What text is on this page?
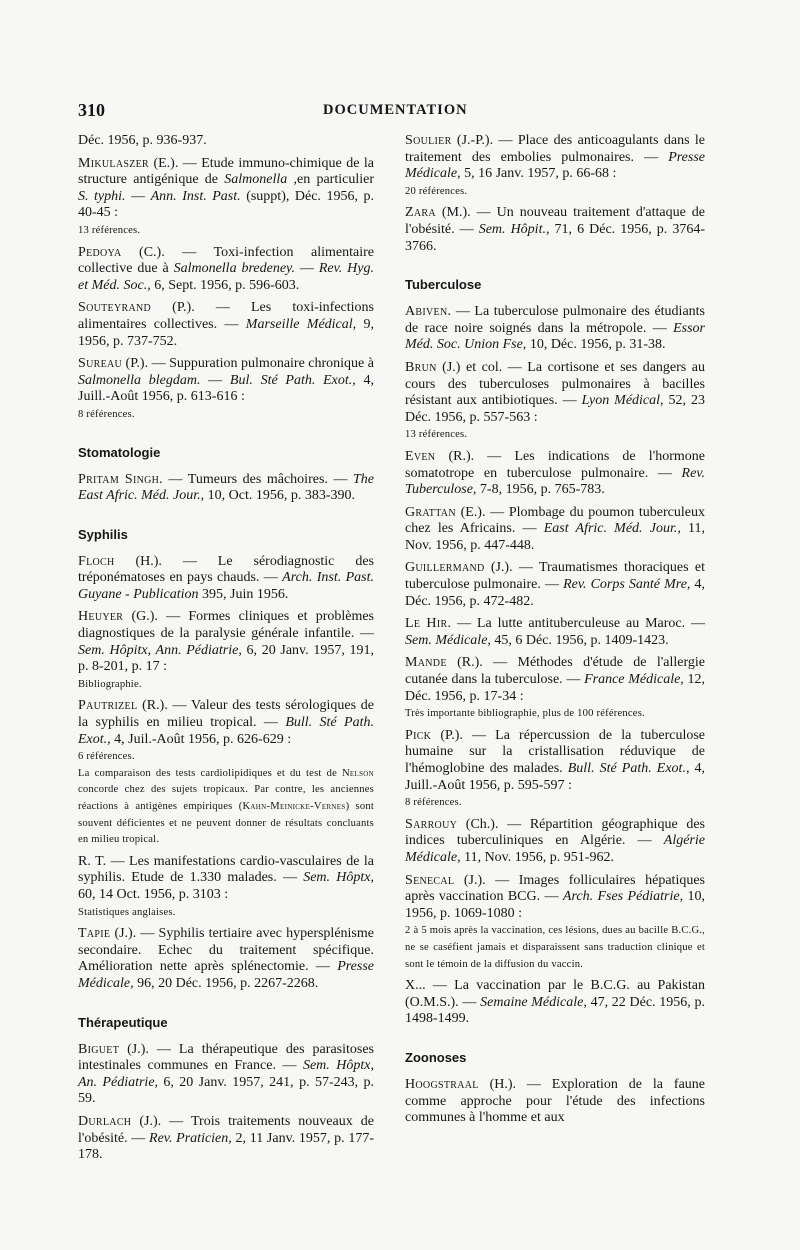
310	DOCUMENTATION

Déc. 1956, p. 936-937.

Mikulaszer (E.). — Etude immuno-chimique de la structure antigénique de Salmonella ,en particulier S. typhi. — Ann. Inst. Past. (suppt), Déc. 1956, p. 40-45 :
13 références.

Pedoya (C.). — Toxi-infection alimentaire collective due à Salmonella bredeney. — Rev. Hyg. et Méd. Soc., 6, Sept. 1956, p. 596-603.

Souteyrand (P.). — Les toxi-infections alimentaires collectives. — Marseille Médical, 9, 1956, p. 737-752.

Sureau (P.). — Suppuration pulmonaire chronique à Salmonella blegdam. — Bul. Sté Path. Exot., 4, Juill.-Août 1956, p. 613-616 :
8 références.

Stomatologie

Pritam Singh. — Tumeurs des mâchoires. — The East Afric. Méd. Jour., 10, Oct. 1956, p. 383-390.

Syphilis

Floch (H.). — Le sérodiagnostic des tréponématoses en pays chauds. — Arch. Inst. Past. Guyane - Publication 395, Juin 1956.

Heuyer (G.). — Formes cliniques et problèmes diagnostiques de la paralysie générale infantile. — Sem. Hôpitx, Ann. Pédiatrie, 6, 20 Janv. 1957, 191, p. 8-201, p. 17 :
Bibliographie.

Pautrizel (R.). — Valeur des tests sérologiques de la syphilis en milieu tropical. — Bull. Sté Path. Exot., 4, Juil.-Août 1956, p. 626-629 :
6 références.
La comparaison des tests cardiolipidiques et du test de Nelson concorde chez des sujets tropicaux. Par contre, les anciennes réactions à antigènes empiriques (Kahn-Meinicke-Vernes) sont souvent déficientes et ne peuvent donner de résultats concluants en milieu tropical.

R. T. — Les manifestations cardio-vasculaires de la syphilis. Etude de 1.330 malades. — Sem. Hôptx, 60, 14 Oct. 1956, p. 3103 :
Statistiques anglaises.

Tapie (J.). — Syphilis tertiaire avec hypersplénisme secondaire. Echec du traitement spécifique. Amélioration nette après splénectomie. — Presse Médicale, 96, 20 Déc. 1956, p. 2267-2268.

Thérapeutique

Biguet (J.). — La thérapeutique des parasitoses intestinales communes en France. — Sem. Hôptx, An. Pédiatrie, 6, 20 Janv. 1957, 241, p. 57-243, p. 59.

Durlach (J.). — Trois traitements nouveaux de l'obésité. — Rev. Praticien, 2, 11 Janv. 1957, p. 177-178.

Soulier (J.-P.). — Place des anticoagulants dans le traitement des embolies pulmonaires. — Presse Médicale, 5, 16 Janv. 1957, p. 66-68 :
20 références.

Zara (M.). — Un nouveau traitement d'attaque de l'obésité. — Sem. Hôpit., 71, 6 Déc. 1956, p. 3764-3766.

Tuberculose

Abiven. — La tuberculose pulmonaire des étudiants de race noire soignés dans la métropole. — Essor Méd. Soc. Union Fse, 10, Déc. 1956, p. 31-38.

Brun (J.) et col. — La cortisone et ses dangers au cours des tuberculoses pulmonaires à bacilles résistant aux antibiotiques. — Lyon Médical, 52, 23 Déc. 1956, p. 557-563 :
13 références.

Even (R.). — Les indications de l'hormone somatotrope en tuberculose pulmonaire. — Rev. Tuberculose, 7-8, 1956, p. 765-783.

Grattan (E.). — Plombage du poumon tuberculeux chez les Africains. — East Afric. Méd. Jour., 11, Nov. 1956, p. 447-448.

Guillermand (J.). — Traumatismes thoraciques et tuberculose pulmonaire. — Rev. Corps Santé Mre, 4, Déc. 1956, p. 472-482.

Le Hir. — La lutte antituberculeuse au Maroc. — Sem. Médicale, 45, 6 Déc. 1956, p. 1409-1423.

Mande (R.). — Méthodes d'étude de l'allergie cutanée dans la tuberculose. — France Médicale, 12, Déc. 1956, p. 17-34 :
Très importante bibliographie, plus de 100 références.

Pick (P.). — La répercussion de la tuberculose humaine sur la cristallisation réduvique de l'hémoglobine des malades. Bull. Sté Path. Exot., 4, Juill.-Août 1956, p. 595-597 :
8 références.

Sarrouy (Ch.). — Répartition géographique des indices tuberculiniques en Algérie. — Algérie Médicale, 11, Nov. 1956, p. 951-962.

Senecal (J.). — Images folliculaires hépatiques après vaccination BCG. — Arch. Fses Pédiatrie, 10, 1956, p. 1069-1080 :
2 à 5 mois après la vaccination, ces lésions, dues au bacille B.C.G., ne se caséfient jamais et disparaissent sans traduction clinique et sont le témoin de la diffusion du vaccin.

X... — La vaccination par le B.C.G. au Pakistan (O.M.S.). — Semaine Médicale, 47, 22 Déc. 1956, p. 1498-1499.

Zoonoses

Hoogstraal (H.). — Exploration de la faune comme approche pour l'étude des infections communes à l'homme et aux
